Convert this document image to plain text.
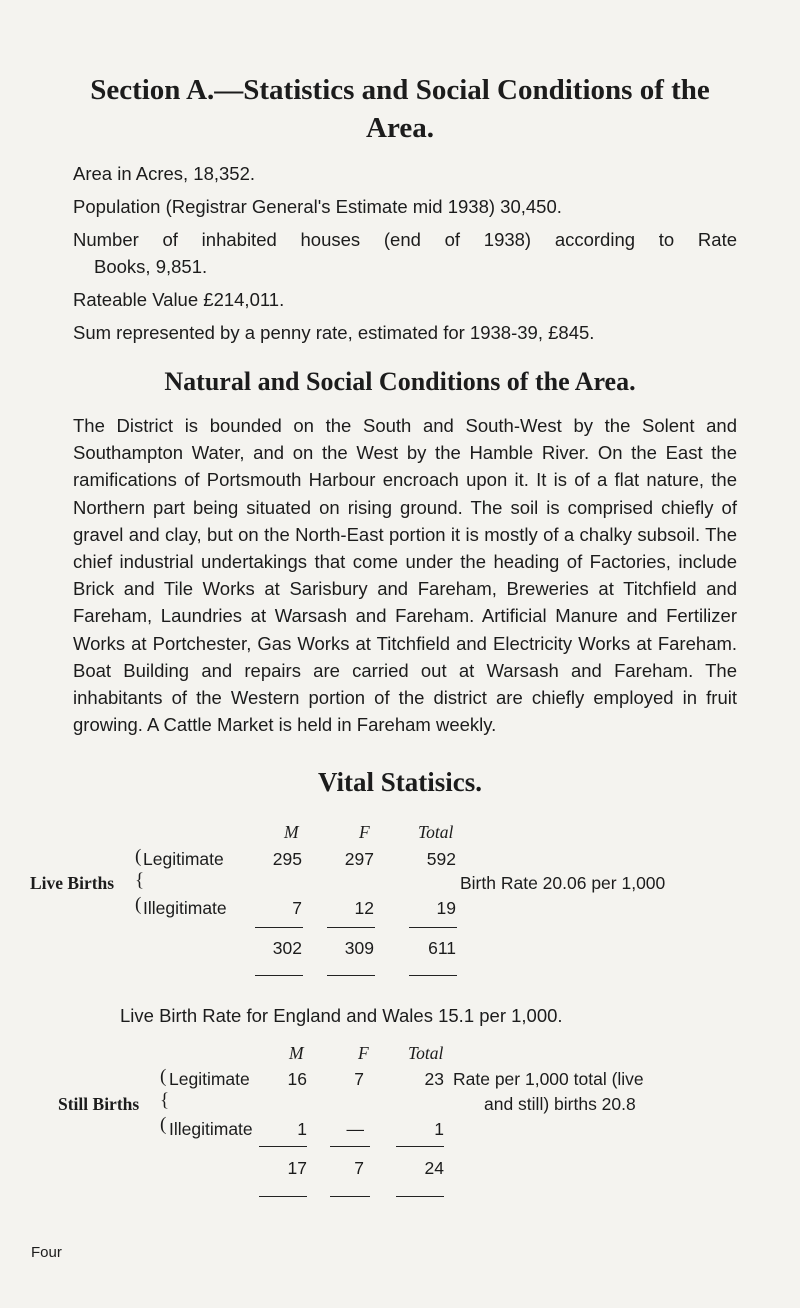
Section A.—Statistics and Social Conditions of the
Area.
Area in Acres, 18,352.
Population (Registrar General's Estimate mid 1938) 30,450.
Number of inhabited houses (end of 1938) according to Rate
Books, 9,851.
Rateable Value £214,011.
Sum represented by a penny rate, estimated for 1938-39, £845.
Natural and Social Conditions of the Area.
The District is bounded on the South and South-West by the Solent and Southampton Water, and on the West by the Hamble River. On the East the ramifications of Portsmouth Harbour encroach upon it. It is of a flat nature, the Northern part being situated on rising ground. The soil is comprised chiefly of gravel and clay, but on the North-East portion it is mostly of a chalky subsoil. The chief industrial undertakings that come under the heading of Factories, include Brick and Tile Works at Sarisbury and Fareham, Breweries at Titchfield and Fareham, Laundries at Warsash and Fareham. Artificial Manure and Fertilizer Works at Portchester, Gas Works at Titchfield and Electricity Works at Fareham. Boat Building and repairs are carried out at Warsash and Fareham. The inhabitants of the Western portion of the district are chiefly employed in fruit growing. A Cattle Market is held in Fareham weekly.
Vital Statisics.
M	F	Total
(
{
(
Live Births
Legitimate	295	297	592
Birth Rate 20.06 per 1,000
Illegitimate	7	12	19
302	309	611
Live Birth Rate for England and Wales 15.1 per 1,000.
M	F Total
(
{
(
Still Births
Legitimate	16	7	23 Rate per 1,000 total (live
and still) births 20.8
Illegitimate	1	—	1
17	7	24
Four
